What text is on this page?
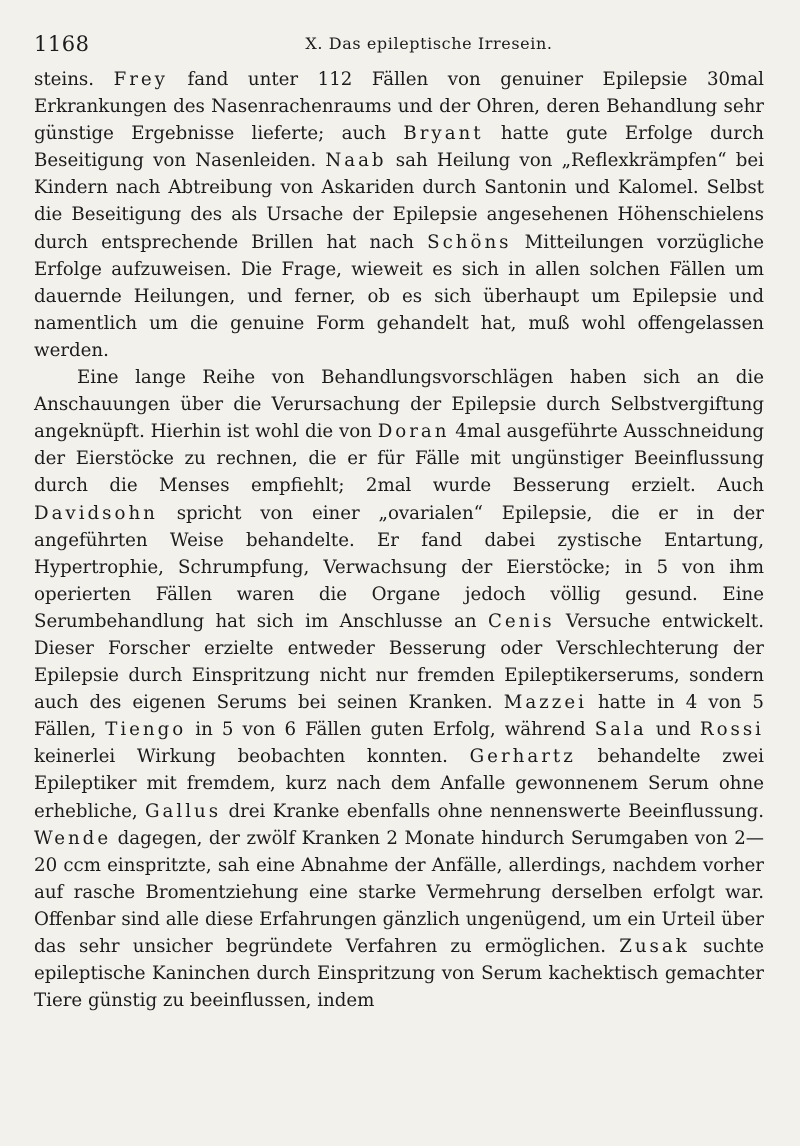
1168	X. Das epileptische Irresein.

steins. Frey fand unter 112 Fällen von genuiner Epilepsie 30mal Erkrankungen des Nasenrachenraums und der Ohren, deren Behandlung sehr günstige Ergebnisse lieferte; auch Bryant hatte gute Erfolge durch Beseitigung von Nasenleiden. Naab sah Heilung von „Reflexkrämpfen“ bei Kindern nach Abtreibung von Askariden durch Santonin und Kalomel. Selbst die Beseitigung des als Ursache der Epilepsie angesehenen Höhenschielens durch entsprechende Brillen hat nach Schöns Mitteilungen vorzügliche Erfolge aufzuweisen. Die Frage, wieweit es sich in allen solchen Fällen um dauernde Heilungen, und ferner, ob es sich überhaupt um Epilepsie und namentlich um die genuine Form gehandelt hat, muß wohl offengelassen werden.

Eine lange Reihe von Behandlungsvorschlägen haben sich an die Anschauungen über die Verursachung der Epilepsie durch Selbstvergiftung angeknüpft. Hierhin ist wohl die von Doran 4mal ausgeführte Ausschneidung der Eierstöcke zu rechnen, die er für Fälle mit ungünstiger Beeinflussung durch die Menses empfiehlt; 2mal wurde Besserung erzielt. Auch Davidsohn spricht von einer „ovarialen“ Epilepsie, die er in der angeführten Weise behandelte. Er fand dabei zystische Entartung, Hypertrophie, Schrumpfung, Verwachsung der Eierstöcke; in 5 von ihm operierten Fällen waren die Organe jedoch völlig gesund. Eine Serumbehandlung hat sich im Anschlusse an Cenis Versuche entwickelt. Dieser Forscher erzielte entweder Besserung oder Verschlechterung der Epilepsie durch Einspritzung nicht nur fremden Epileptikerserums, sondern auch des eigenen Serums bei seinen Kranken. Mazzei hatte in 4 von 5 Fällen, Tiengo in 5 von 6 Fällen guten Erfolg, während Sala und Rossi keinerlei Wirkung beobachten konnten. Gerhartz behandelte zwei Epileptiker mit fremdem, kurz nach dem Anfalle gewonnenem Serum ohne erhebliche, Gallus drei Kranke ebenfalls ohne nennenswerte Beeinflussung. Wende dagegen, der zwölf Kranken 2 Monate hindurch Serumgaben von 2—20 ccm einspritzte, sah eine Abnahme der Anfälle, allerdings, nachdem vorher auf rasche Bromentziehung eine starke Vermehrung derselben erfolgt war. Offenbar sind alle diese Erfahrungen gänzlich ungenügend, um ein Urteil über das sehr unsicher begründete Verfahren zu ermöglichen. Zusak suchte epileptische Kaninchen durch Einspritzung von Serum kachektisch gemachter Tiere günstig zu beeinflussen, indem
